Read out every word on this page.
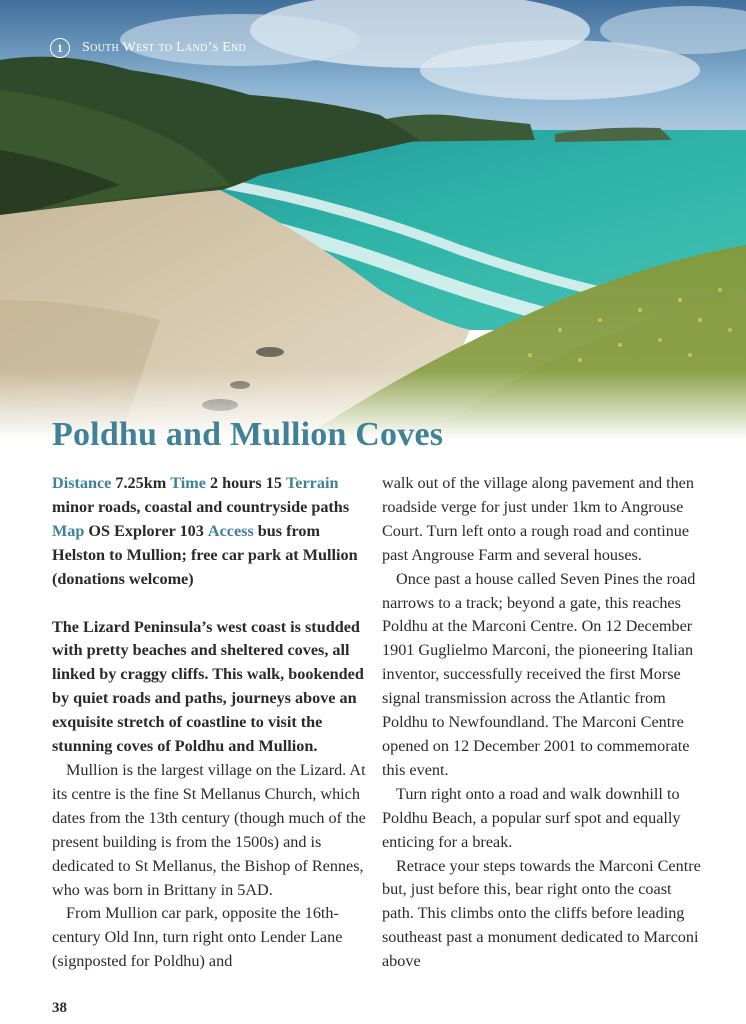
1	South West to Land’s End
Poldhu and Mullion Coves

Distance 7.25km Time 2 hours 15 Terrain minor roads, coastal and countryside paths Map OS Explorer 103 Access bus from Helston to Mullion; free car park at Mullion (donations welcome)

The Lizard Peninsula’s west coast is studded with pretty beaches and sheltered coves, all linked by craggy cliffs. This walk, bookended by quiet roads and paths, journeys above an exquisite stretch of coastline to visit the stunning coves of Poldhu and Mullion.

Mullion is the largest village on the Lizard. At its centre is the fine St Mellanus Church, which dates from the 13th century (though much of the present building is from the 1500s) and is dedicated to St Mellanus, the Bishop of Rennes, who was born in Brittany in 5AD.

From Mullion car park, opposite the 16th-century Old Inn, turn right onto Lender Lane (signposted for Poldhu) and

walk out of the village along pavement and then roadside verge for just under 1km to Angrouse Court. Turn left onto a rough road and continue past Angrouse Farm and several houses.

Once past a house called Seven Pines the road narrows to a track; beyond a gate, this reaches Poldhu at the Marconi Centre. On 12 December 1901 Guglielmo Marconi, the pioneering Italian inventor, successfully received the first Morse signal transmission across the Atlantic from Poldhu to Newfoundland. The Marconi Centre opened on 12 December 2001 to commemorate this event.

Turn right onto a road and walk downhill to Poldhu Beach, a popular surf spot and equally enticing for a break.

Retrace your steps towards the Marconi Centre but, just before this, bear right onto the coast path. This climbs onto the cliffs before leading southeast past a monument dedicated to Marconi above

38
